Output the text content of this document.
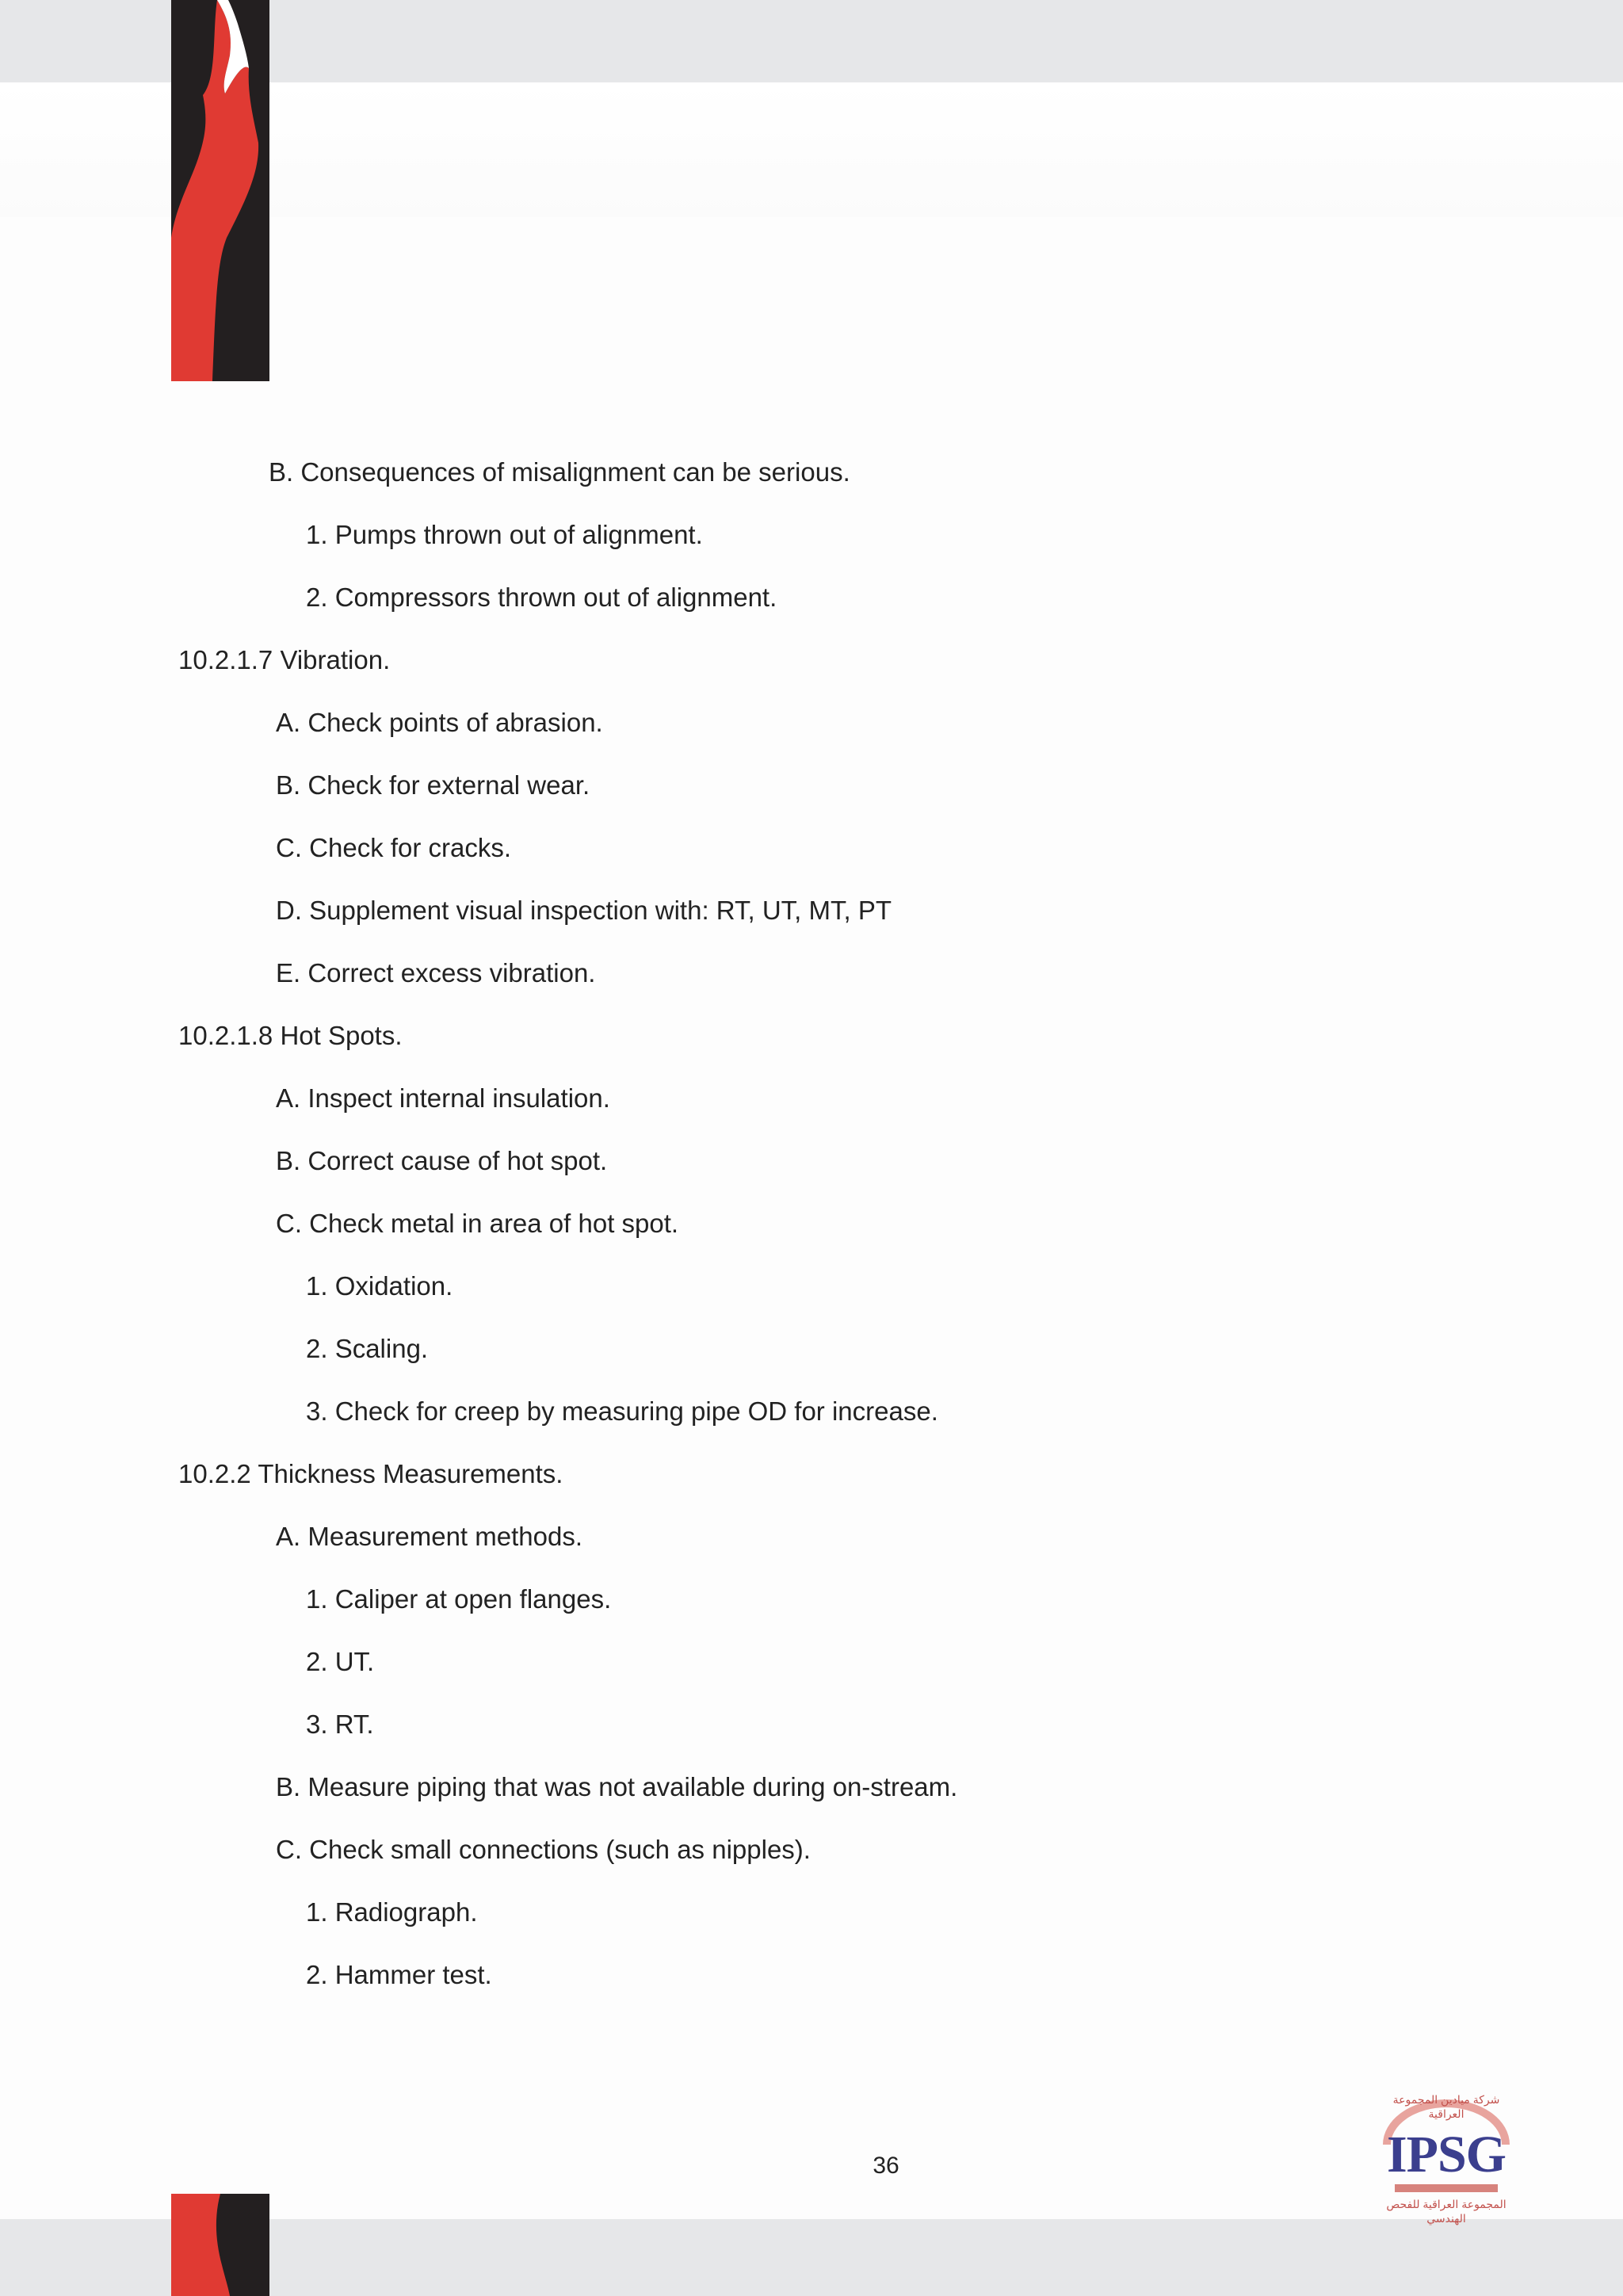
B. Consequences of misalignment can be serious.
1. Pumps thrown out of alignment.
2. Compressors thrown out of alignment.
10.2.1.7 Vibration.
A. Check points of abrasion.
B. Check for external wear.
C. Check for cracks.
D. Supplement visual inspection with: RT, UT, MT, PT
E. Correct excess vibration.
10.2.1.8 Hot Spots.
A. Inspect internal insulation.
B. Correct cause of hot spot.
C. Check metal in area of hot spot.
1. Oxidation.
2. Scaling.
3. Check for creep by measuring pipe OD for increase.
10.2.2 Thickness Measurements.
A. Measurement methods.
1. Caliper at open flanges.
2. UT.
3. RT.
B. Measure piping that was not available during on-stream.
C. Check small connections (such as nipples).
1. Radiograph.
2. Hammer test.
36
شركة ميادين المجموعة العراقية
IPSG
المجموعة العراقية للفحص الهندسي
